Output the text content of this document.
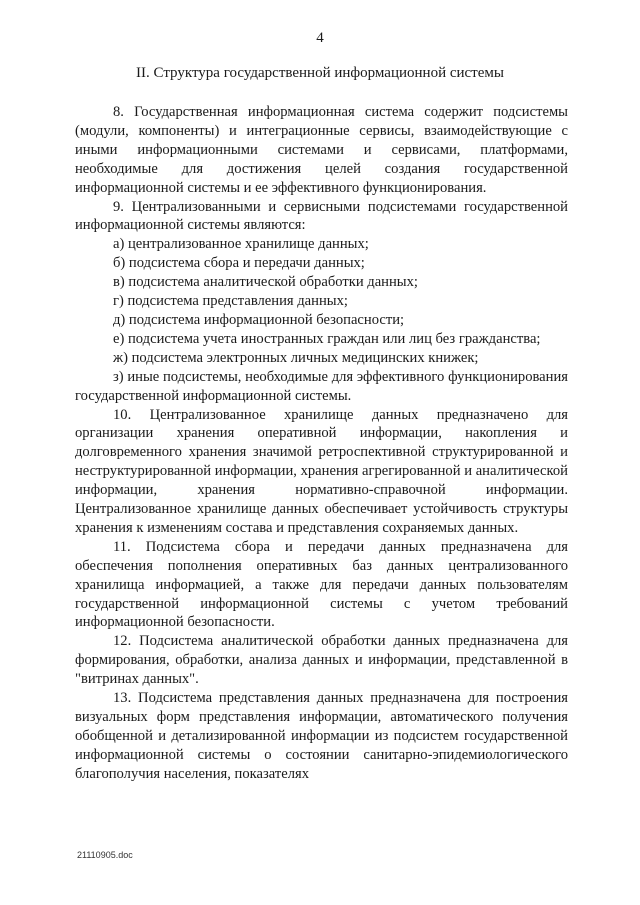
4
II. Структура государственной информационной системы

8. Государственная информационная система содержит подсистемы (модули, компоненты) и интеграционные сервисы, взаимодействующие с иными информационными системами и сервисами, платформами, необходимые для достижения целей создания государственной информационной системы и ее эффективного функционирования.

9. Централизованными и сервисными подсистемами государственной информационной системы являются:

а) централизованное хранилище данных;

б) подсистема сбора и передачи данных;

в) подсистема аналитической обработки данных;

г) подсистема представления данных;

д) подсистема информационной безопасности;

е) подсистема учета иностранных граждан или лиц без гражданства;

ж) подсистема электронных личных медицинских книжек;

з) иные подсистемы, необходимые для эффективного функционирования государственной информационной системы.

10. Централизованное хранилище данных предназначено для организации хранения оперативной информации, накопления и долговременного хранения значимой ретроспективной структурированной и неструктурированной информации, хранения агрегированной и аналитической информации, хранения нормативно-справочной информации. Централизованное хранилище данных обеспечивает устойчивость структуры хранения к изменениям состава и представления сохраняемых данных.

11. Подсистема сбора и передачи данных предназначена для обеспечения пополнения оперативных баз данных централизованного хранилища информацией, а также для передачи данных пользователям государственной информационной системы с учетом требований информационной безопасности.

12. Подсистема аналитической обработки данных предназначена для формирования, обработки, анализа данных и информации, представленной в "витринах данных".

13. Подсистема представления данных предназначена для построения визуальных форм представления информации, автоматического получения обобщенной и детализированной информации из подсистем государственной информационной системы о состоянии санитарно-эпидемиологического благополучия населения, показателях

21110905.doc
